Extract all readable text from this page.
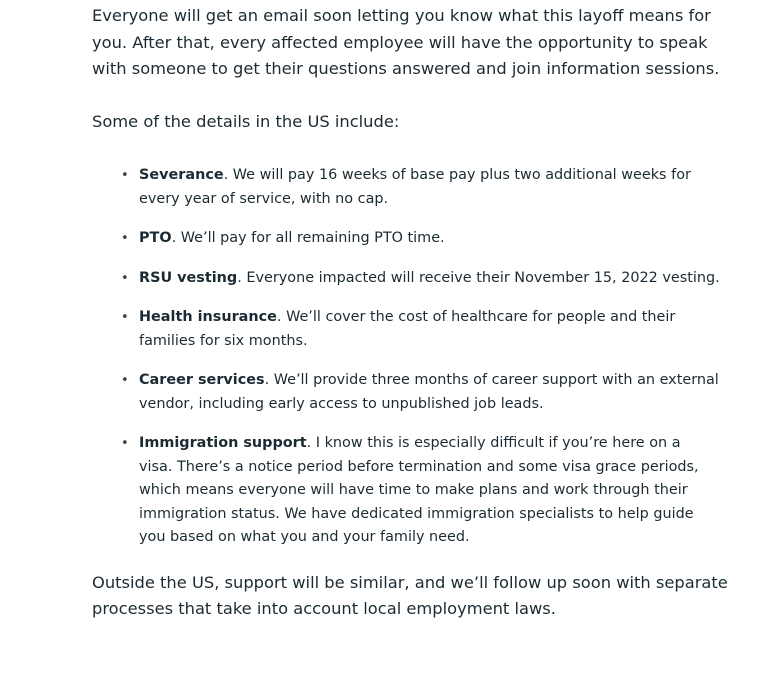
Everyone will get an email soon letting you know what this layoff means for you. After that, every affected employee will have the opportunity to speak with someone to get their questions answered and join information sessions.

Some of the details in the US include:

• Severance. We will pay 16 weeks of base pay plus two additional weeks for every year of service, with no cap.
• PTO. We’ll pay for all remaining PTO time.
• RSU vesting. Everyone impacted will receive their November 15, 2022 vesting.
• Health insurance. We’ll cover the cost of healthcare for people and their families for six months.
• Career services. We’ll provide three months of career support with an external vendor, including early access to unpublished job leads.
• Immigration support. I know this is especially difficult if you’re here on a visa. There’s a notice period before termination and some visa grace periods, which means everyone will have time to make plans and work through their immigration status. We have dedicated immigration specialists to help guide you based on what you and your family need.

Outside the US, support will be similar, and we’ll follow up soon with separate processes that take into account local employment laws.
